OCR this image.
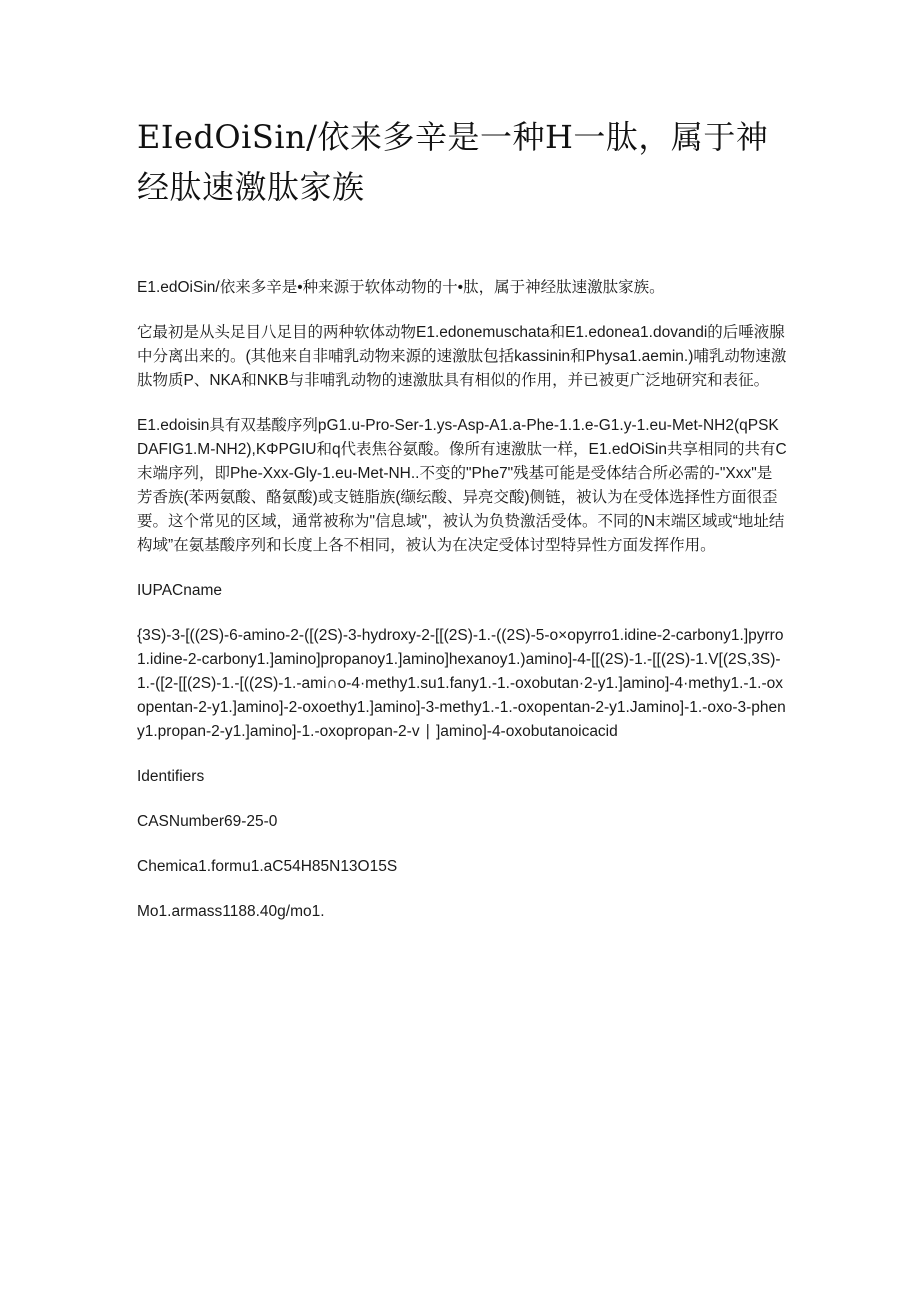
EIedOiSin/依来多辛是一种H一肽，属于神经肽速激肽家族

E1.edOiSin/依来多辛是•种来源于软体动物的十•肽，属于神经肽速激肽家族。

它最初是从头足目八足目的两种软体动物E1.edonemuschata和E1.edonea1.dovandi的后唾液腺中分离出来的。(其他来自非哺乳动物来源的速激肽包括kassinin和Physa1.aemin.)哺乳动物速激肽物质P、NKA和NKB与非哺乳动物的速激肽具有相似的作用，并已被更广泛地研究和表征。

E1.edoisin具有双基酸序列pG1.u-Pro-Ser-1.ys-Asp-A1.a-Phe-1.1.e-G1.y-1.eu-Met-NH2(qPSKDAFIG1.M-NH2),KΦPGIU和q代表焦谷氨酸。像所有速激肽一样，E1.edOiSin共享相同的共有C末端序列，即Phe-Xxx-Gly-1.eu-Met-NH..不变的"Phe7"残基可能是受体结合所必需的-"Xxx"是芳香族(苯两氨酸、酪氨酸)或支链脂族(缬纭酸、异亮交酸)侧链，被认为在受体选择性方面很歪要。这个常见的区域，通常被称为"信息域"，被认为负贽激活受体。不同的N末端区域或“地址结构域”在氨基酸序列和长度上各不相同，被认为在决定受体讨型特异性方面发挥作用。

IUPACname

{3S)-3-[((2S)-6-amino-2-([(2S)-3-hydroxy-2-[[(2S)-1.-((2S)-5-o×opyrro1.idine-2-carbony1.]pyrro1.idine-2-carbony1.]amino]propanoy1.]amino]hexanoy1.)amino]-4-[[(2S)-1.-[[(2S)-1.V[(2S,3S)-1.-([2-[[(2S)-1.-[((2S)-1.-ami∩o-4·methy1.su1.fany1.-1.-oxobutan·2-y1.]amino]-4·methy1.-1.-oxopentan-2-y1.]amino]-2-oxoethy1.]amino]-3-methy1.-1.-oxopentan-2-y1.Jamino]-1.-oxo-3-pheny1.propan-2-y1.]amino]-1.-oxopropan-2-v ∣ ]amino]-4-oxobutanoicacid

Identifiers

CASNumber69-25-0

Chemica1.formu1.aC54H85N13O15S

Mo1.armass1188.40g/mo1.
